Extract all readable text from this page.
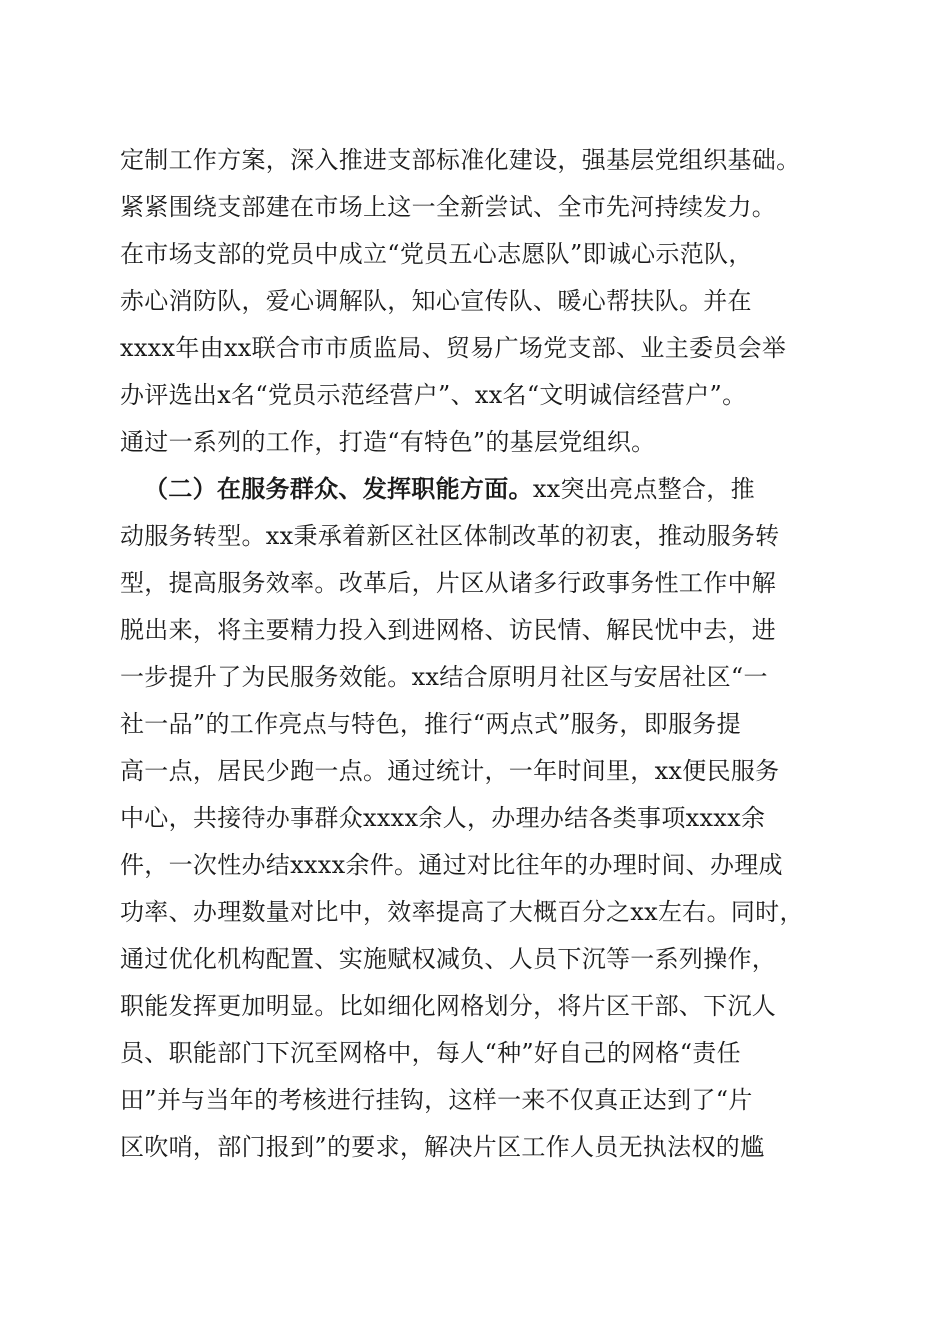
定制工作方案，深入推进支部标准化建设，强基层党组织基础。
紧紧围绕支部建在市场上这一全新尝试、全市先河持续发力。
在市场支部的党员中成立“党员五心志愿队”即诚心示范队，
赤心消防队，爱心调解队，知心宣传队、暖心帮扶队。并在
xxxx年由xx联合市市质监局、贸易广场党支部、业主委员会举
办评选出x名“党员示范经营户”、xx名“文明诚信经营户”。
通过一系列的工作，打造“有特色”的基层党组织。
（二）在服务群众、发挥职能方面。xx突出亮点整合，推
动服务转型。xx秉承着新区社区体制改革的初衷，推动服务转
型，提高服务效率。改革后，片区从诸多行政事务性工作中解
脱出来，将主要精力投入到进网格、访民情、解民忧中去，进
一步提升了为民服务效能。xx结合原明月社区与安居社区“一
社一品”的工作亮点与特色，推行“两点式”服务，即服务提
高一点，居民少跑一点。通过统计，一年时间里，xx便民服务
中心，共接待办事群众xxxx余人，办理办结各类事项xxxx余
件，一次性办结xxxx余件。通过对比往年的办理时间、办理成
功率、办理数量对比中，效率提高了大概百分之xx左右。同时，
通过优化机构配置、实施赋权减负、人员下沉等一系列操作，
职能发挥更加明显。比如细化网格划分，将片区干部、下沉人
员、职能部门下沉至网格中，每人“种”好自己的网格“责任
田”并与当年的考核进行挂钩，这样一来不仅真正达到了“片
区吹哨，部门报到”的要求，解决片区工作人员无执法权的尴
